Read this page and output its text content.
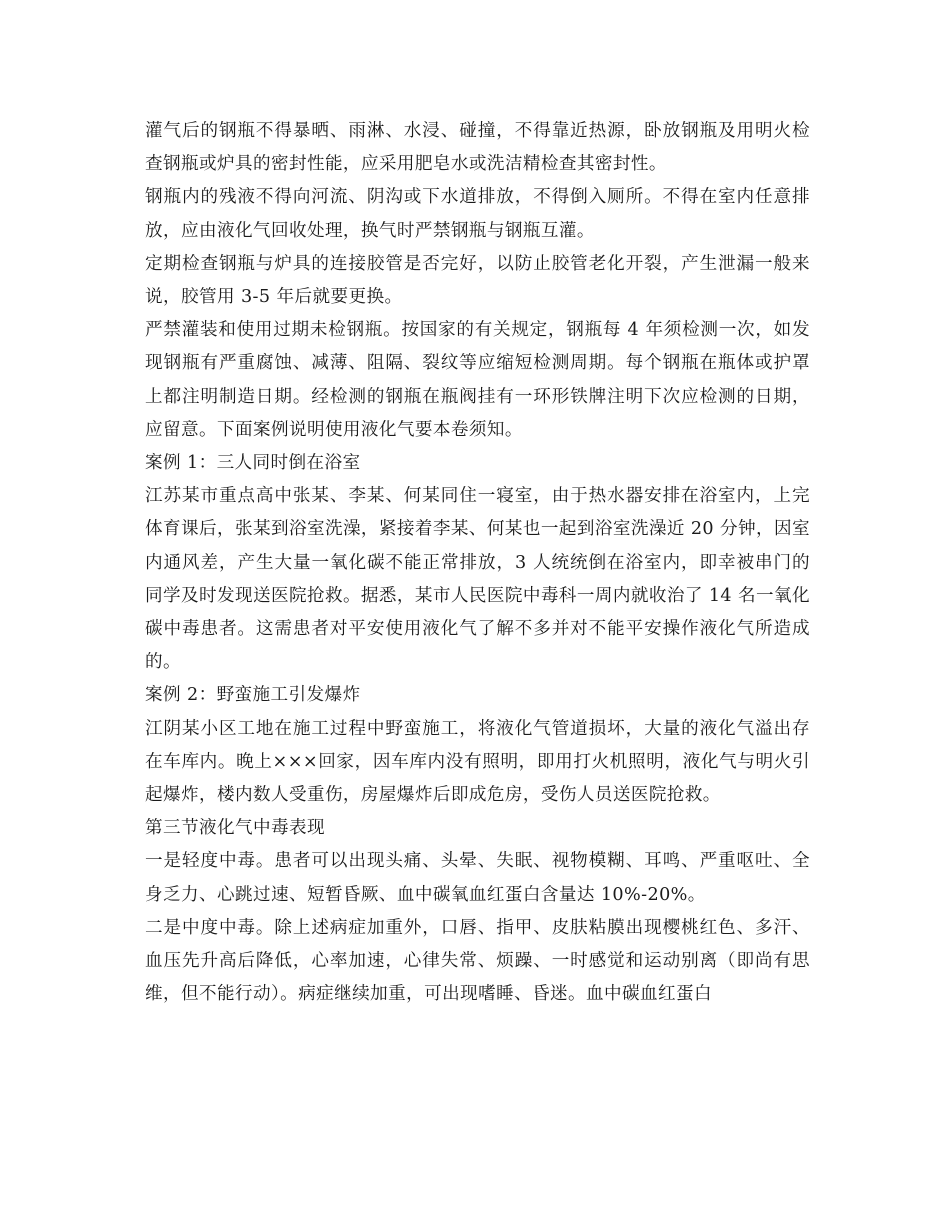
灌气后的钢瓶不得暴晒、雨淋、水浸、碰撞，不得靠近热源，卧放钢瓶及用明火检查钢瓶或炉具的密封性能，应采用肥皂水或洗洁精检查其密封性。

钢瓶内的残液不得向河流、阴沟或下水道排放，不得倒入厕所。不得在室内任意排放，应由液化气回收处理，换气时严禁钢瓶与钢瓶互灌。

定期检查钢瓶与炉具的连接胶管是否完好，以防止胶管老化开裂，产生泄漏一般来说，胶管用 3-5 年后就要更换。

严禁灌装和使用过期未检钢瓶。按国家的有关规定，钢瓶每 4 年须检测一次，如发现钢瓶有严重腐蚀、减薄、阻隔、裂纹等应缩短检测周期。每个钢瓶在瓶体或护罩上都注明制造日期。经检测的钢瓶在瓶阀挂有一环形铁牌注明下次应检测的日期，应留意。下面案例说明使用液化气要本卷须知。

案例 1：三人同时倒在浴室

江苏某市重点高中张某、李某、何某同住一寝室，由于热水器安排在浴室内，上完体育课后，张某到浴室洗澡，紧接着李某、何某也一起到浴室洗澡近 20 分钟，因室内通风差，产生大量一氧化碳不能正常排放，3 人统统倒在浴室内，即幸被串门的同学及时发现送医院抢救。据悉，某市人民医院中毒科一周内就收治了 14 名一氧化碳中毒患者。这需患者对平安使用液化气了解不多并对不能平安操作液化气所造成的。

案例 2：野蛮施工引发爆炸

江阴某小区工地在施工过程中野蛮施工，将液化气管道损坏，大量的液化气溢出存在车库内。晚上×××回家，因车库内没有照明，即用打火机照明，液化气与明火引起爆炸，楼内数人受重伤，房屋爆炸后即成危房，受伤人员送医院抢救。

第三节液化气中毒表现

一是轻度中毒。患者可以出现头痛、头晕、失眠、视物模糊、耳鸣、严重呕吐、全身乏力、心跳过速、短暂昏厥、血中碳氧血红蛋白含量达 10%-20%。

二是中度中毒。除上述病症加重外，口唇、指甲、皮肤粘膜出现樱桃红色、多汗、血压先升高后降低，心率加速，心律失常、烦躁、一时感觉和运动别离（即尚有思维，但不能行动）。病症继续加重，可出现嗜睡、昏迷。血中碳血红蛋白
